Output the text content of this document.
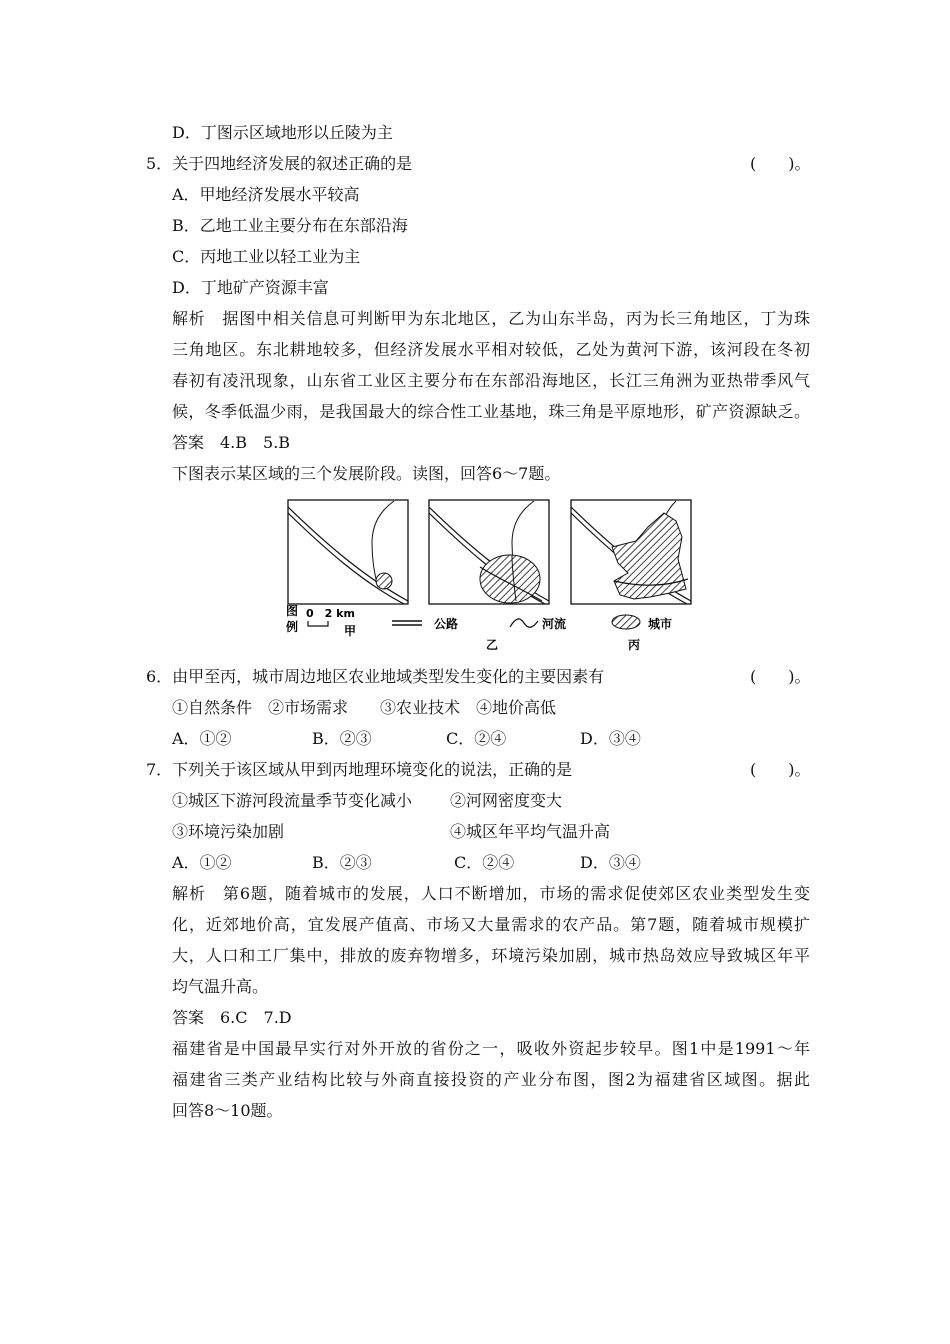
D．丁图示区域地形以丘陵为主
5．关于四地经济发展的叙述正确的是	(　　)。
A．甲地经济发展水平较高
B．乙地工业主要分布在东部沿海
C．丙地工业以轻工业为主
D．丁地矿产资源丰富
解析　据图中相关信息可判断甲为东北地区，乙为山东半岛，丙为长三角地区，丁为珠
三角地区。东北耕地较多，但经济发展水平相对较低，乙处为黄河下游，该河段在冬初
春初有凌汛现象，山东省工业区主要分布在东部沿海地区，长江三角洲为亚热带季风气
候，冬季低温少雨，是我国最大的综合性工业基地，珠三角是平原地形，矿产资源缺乏。
答案　4.B　5.B
下图表示某区域的三个发展阶段。读图，回答6～7题。
图
例
0　2 km
甲	公路
乙
河流	城市
丙
6．由甲至丙，城市周边地区农业地域类型发生变化的主要因素有	(　　)。
①自然条件　②市场需求　　③农业技术　④地价高低
A．①②	B．②③	C．②④	D．③④
7．下列关于该区域从甲到丙地理环境变化的说法，正确的是	(　　)。
①城区下游河段流量季节变化减小 ②河网密度变大
③环境污染加剧	④城区年平均气温升高
A．①②	B．②③	C．②④	D．③④
解析　第6题，随着城市的发展，人口不断增加，市场的需求促使郊区农业类型发生变
化，近郊地价高，宜发展产值高、市场又大量需求的农产品。第7题，随着城市规模扩
大，人口和工厂集中，排放的废弃物增多，环境污染加剧，城市热岛效应导致城区年平
均气温升高。
答案　6.C　7.D
福建省是中国最早实行对外开放的省份之一，吸收外资起步较早。图1中是1991～年
福建省三类产业结构比较与外商直接投资的产业分布图，图2为福建省区域图。据此
回答8～10题。
